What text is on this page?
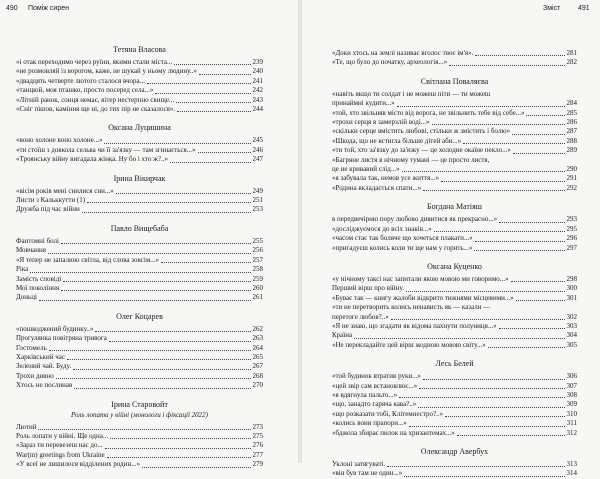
490 Поміж сирен
Тетяна Власова
«і отак переходимо через руїни, якими стали міста...	239
«не розмовляй із ворогом, каже, не шукай у ньому людину..»	240
«двадцять четверте лютого сталося вчора...	241
«танцюй, моя пташко, просто посеред села...»	242
«Літній ранок, сонця немає, вітер нестерпно свище...	243
«Сніг пішов, каміння ще ні, до тих пір не сказалося».	244
Оксана Луцишина
«воно холоне воно холоне...»	245
«ти стоїш з довкола сельва чи її за'язку — там згинається...»	246
«Троянську війну вигадала жінка. Ну бо і хто ж?..»	247
Ірина Вікирчак
«вісім років мені снилися сни...»	249
Листи з Кальккутти (1)	251
Дружба під час війни	253
Павло Вищебаба
Фантомні болі	255
Мовчання	256
«Я тепер не запалюю світла, від слова зовсім...»	257
Ріка	258
Замість сповіді	259
Мої покоління	260
Доньці	261
Олег Коцарев
«пошкоджений будинку..»	262
Прогулянка повітряна тривога	263
Гостомель	264
Харківський час	265
Зелений чай. Буду.	267
Трохи дивно	268
Хтось не послинав	270
Ірина Старовойт
Роль лопати у війні (монологи і фіксації 2022)
Лютий	273
Роль лопати у війні. Ще одна...	275
«Зараз ти перевезеш нас до...	276
War(m) greetings from Ukraine	277
«У всеї не лишилося відділених родин...»	279
Зміст	491
«Доки хтось на землі називає вголос твоє ім'я».	281
«Те, що було до початку, археологія...»	282
Світлана Поваляєва
«навіть якщо ти солдат і не можеш піти — ти можеш
принаймні кудити...»	284
«той, хто звільняв місто від ворога, не звільнить тебе від себе...»	285
«трохи серця в замерзлій воді...»	286
«скільки серце вмістить любові, стільки ж змістить і болю»	287
«Шкода, що не встигла більше дітей аби...»	288
«ти той, хто за'язку до за'язку — це холодне окаїне пекло...»	289
«Багряне листя в нічному тумані — це просто листя,
це не кривавий слід...»	290
«я забувала так, немов усе життя...»	291
«Родина вкладається спати...»	292
Богдана Матіяш
в передвечірню пору любово дивитися як прекрасно...»	293
«досліджуємося до всіх знаків...»	295
«часом стає так боляче що хочеться плакати...»	296
«пригадуєш колись коли ти ще нам у горить...»	297
Оксана Куценко
«у нічному таксі нас запитали якою мовою ми говоримо...»	298
Перший вірш про війну.	300
«Буває так — книгу жалоби відкрито тижнями місцевими...»	301
«ти не перетворить колись ненависть як — казали —
перетоге любов?..»	302
«Я не знаю, що згадати як відома пахнути полуниця...»	303
Країна	304
«Не перекладайте цей вірш жодною мовою світу...»	305
Лесь Белей
«той будинок втратив руки...»	306
«цей звір сам встановлює...»	307
«я вдягнула пальто...»	308
«що, занадто гаряча кава?..»	309
«що розказати тобі, Клітемнестро?..»	310
«колись вони прапори...»	311
«бджола збирає пилок на хризантемах...»	312
Олександр Авербух
Уклоні затягуваті.	313
«він був там не один...»	314
